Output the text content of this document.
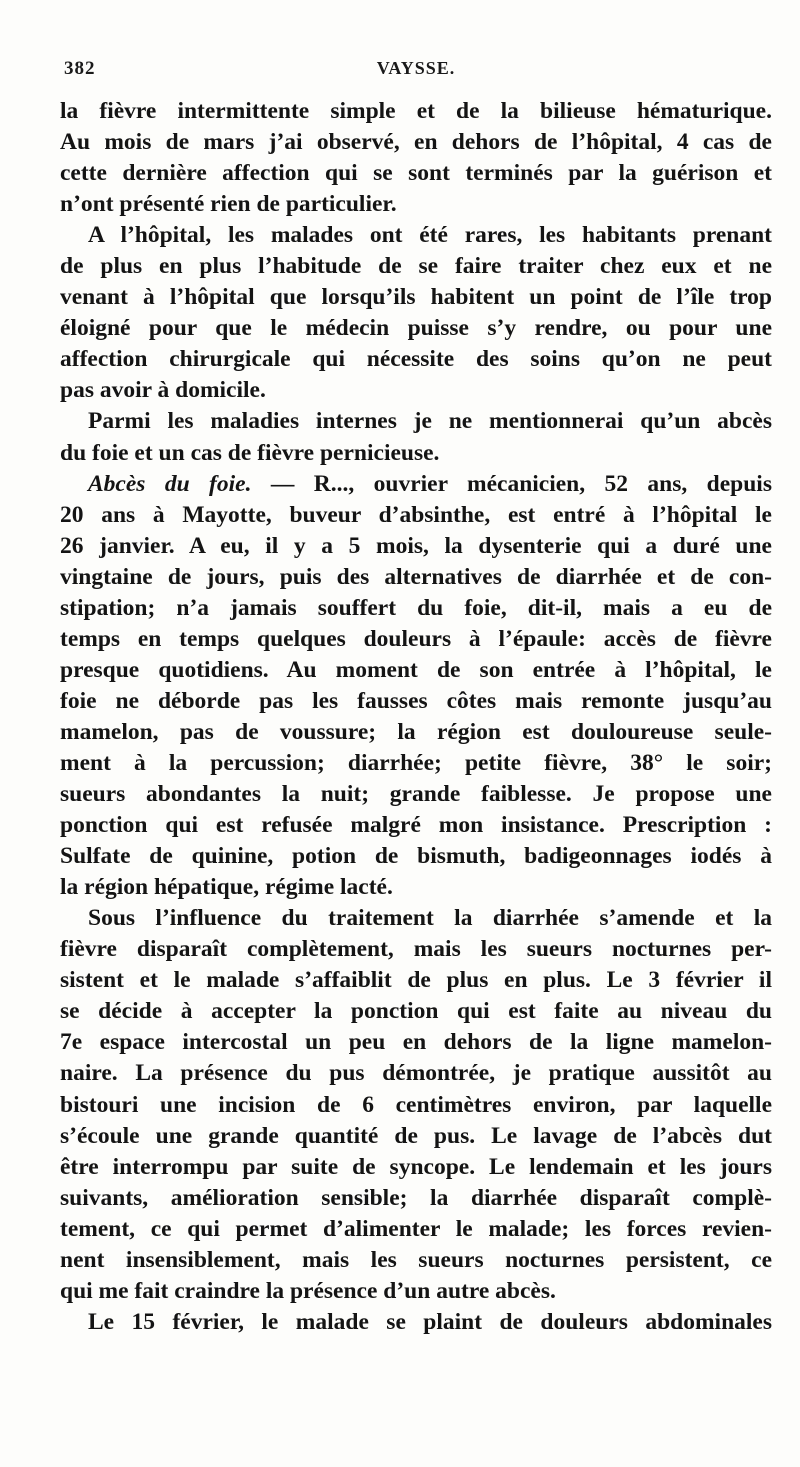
382	VAYSSE.
la fièvre intermittente simple et de la bilieuse hématurique.
Au mois de mars j’ai observé, en dehors de l’hôpital, 4 cas de
cette dernière affection qui se sont terminés par la guérison et
n’ont présenté rien de particulier.
A l’hôpital, les malades ont été rares, les habitants prenant
de plus en plus l’habitude de se faire traiter chez eux et ne
venant à l’hôpital que lorsqu’ils habitent un point de l’île trop
éloigné pour que le médecin puisse s’y rendre, ou pour une
affection chirurgicale qui nécessite des soins qu’on ne peut
pas avoir à domicile.
Parmi les maladies internes je ne mentionnerai qu’un abcès
du foie et un cas de fièvre pernicieuse.
Abcès du foie. — R..., ouvrier mécanicien, 52 ans, depuis
20 ans à Mayotte, buveur d’absinthe, est entré à l’hôpital le
26 janvier. A eu, il y a 5 mois, la dysenterie qui a duré une
vingtaine de jours, puis des alternatives de diarrhée et de con-
stipation; n’a jamais souffert du foie, dit-il, mais a eu de
temps en temps quelques douleurs à l’épaule: accès de fièvre
presque quotidiens. Au moment de son entrée à l’hôpital, le
foie ne déborde pas les fausses côtes mais remonte jusqu’au
mamelon, pas de voussure; la région est douloureuse seule-
ment à la percussion; diarrhée; petite fièvre, 38° le soir;
sueurs abondantes la nuit; grande faiblesse. Je propose une
ponction qui est refusée malgré mon insistance. Prescription :
Sulfate de quinine, potion de bismuth, badigeonnages iodés à
la région hépatique, régime lacté.
Sous l’influence du traitement la diarrhée s’amende et la
fièvre disparaît complètement, mais les sueurs nocturnes per-
sistent et le malade s’affaiblit de plus en plus. Le 3 février il
se décide à accepter la ponction qui est faite au niveau du
7e espace intercostal un peu en dehors de la ligne mamelon-
naire. La présence du pus démontrée, je pratique aussitôt au
bistouri une incision de 6 centimètres environ, par laquelle
s’écoule une grande quantité de pus. Le lavage de l’abcès dut
être interrompu par suite de syncope. Le lendemain et les jours
suivants, amélioration sensible; la diarrhée disparaît complè-
tement, ce qui permet d’alimenter le malade; les forces revien-
nent insensiblement, mais les sueurs nocturnes persistent, ce
qui me fait craindre la présence d’un autre abcès.
Le 15 février, le malade se plaint de douleurs abdominales
